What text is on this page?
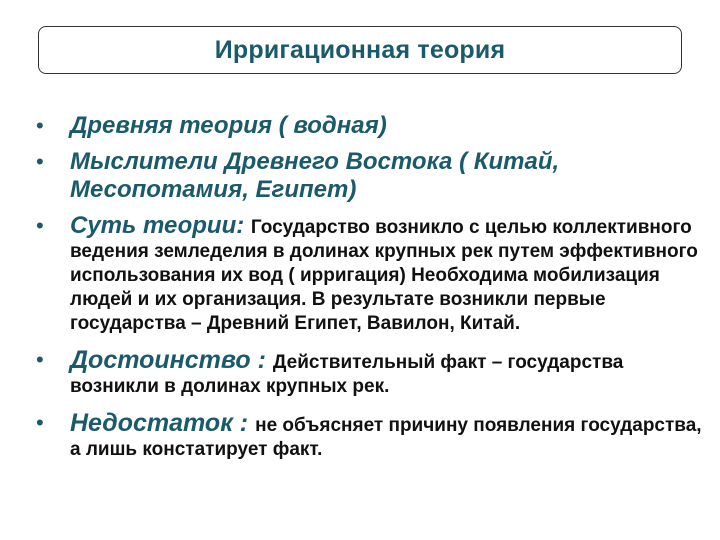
Ирригационная теория
• Древняя теория ( водная)
• Мыслители Древнего Востока ( Китай, Месопотамия, Египет)
• Суть теории: Государство возникло с целью коллективного ведения земледелия в долинах крупных рек путем эффективного использования их вод ( ирригация) Необходима мобилизация людей и их организация. В результате возникли первые государства – Древний Египет, Вавилон, Китай.
• Достоинство : Действительный факт – государства возникли в долинах крупных рек.
• Недостаток : не объясняет причину появления государства, а лишь констатирует факт.
